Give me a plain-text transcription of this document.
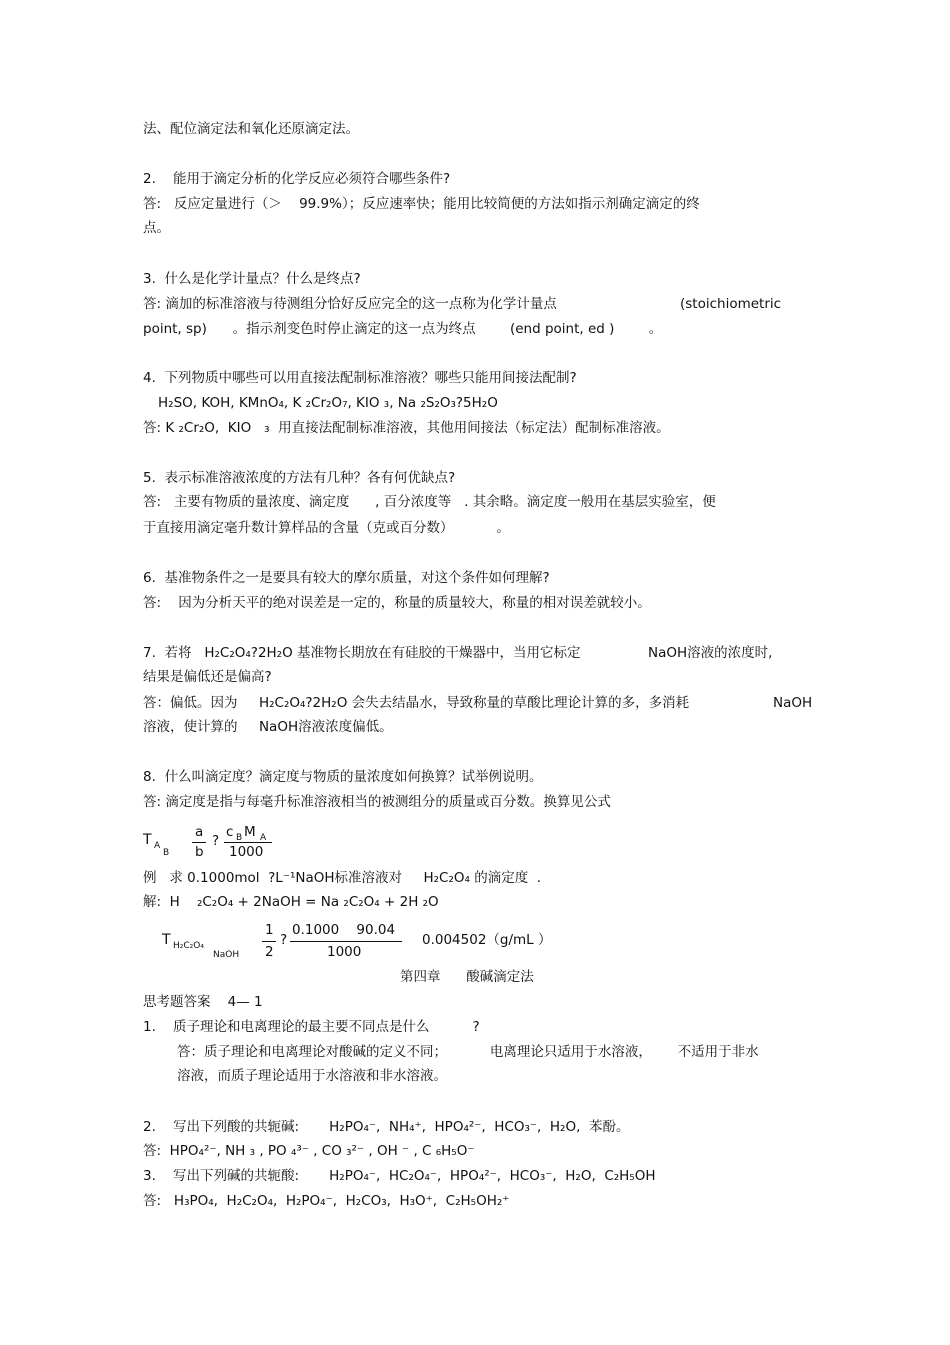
法、配位滴定法和氧化还原滴定法。
2.    能用于滴定分析的化学反应必须符合哪些条件?
答:   反应定量进行（＞    99.9%）；反应速率快；能用比较简便的方法如指示剂确定滴定的终
点。
3.  什么是化学计量点？什么是终点?
答: 滴加的标准溶液与待测组分恰好反应完全的这一点称为化学计量点	(stoichiometric
point, sp)      。指示剂变色时停止滴定的这一点为终点        (end point, ed )        。
4.  下列物质中哪些可以用直接法配制标准溶液？哪些只能用间接法配制?
H₂SO, KOH, KMnO₄, K ₂Cr₂O₇, KIO ₃, Na ₂S₂O₃?5H₂O
答: K ₂Cr₂O,  KIO   ₃  用直接法配制标准溶液，其他用间接法（标定法）配制标准溶液。
5.  表示标准溶液浓度的方法有几种？各有何优缺点?
答:   主要有物质的量浓度、滴定度      , 百分浓度等   . 其余略。滴定度一般用在基层实验室，便
于直接用滴定毫升数计算样品的含量（克或百分数）          。
6.  基准物条件之一是要具有较大的摩尔质量，对这个条件如何理解?
答:    因为分析天平的绝对误差是一定的，称量的质量较大，称量的相对误差就较小。
7.  若将   H₂C₂O₄?2H₂O 基准物长期放在有硅胶的干燥器中，当用它标定	NaOH溶液的浓度时,
结果是偏低还是偏高?
答：偏低。因为     H₂C₂O₄?2H₂O 会失去结晶水，导致称量的草酸比理论计算的多，多消耗	NaOH
溶液，使计算的     NaOH溶液浓度偏低。
8.  什么叫滴定度？滴定度与物质的量浓度如何换算？试举例说明。
答: 滴定度是指与每毫升标准溶液相当的被测组分的质量或百分数。换算见公式
T A
B
a
b
?
c B M A
1000
例   求 0.1000mol  ?L⁻¹NaOH标准溶液对     H₂C₂O₄ 的滴定度  .
解:  H    ₂C₂O₄ + 2NaOH = Na ₂C₂O₄ + 2H ₂O
T H₂C₂O₄
NaOH
1
2
?
0.1000    90.04
1000
0.004502（g/mL ）
第四章      酸碱滴定法
思考题答案    4— 1
1.    质子理论和电离理论的最主要不同点是什么          ?
答：质子理论和电离理论对酸碱的定义不同；          电离理论只适用于水溶液，      不适用于非水
溶液，而质子理论适用于水溶液和非水溶液。
2.    写出下列酸的共轭碱:       H₂PO₄⁻,  NH₄⁺,  HPO₄²⁻,  HCO₃⁻,  H₂O,  苯酚。
答:  HPO₄²⁻, NH ₃ , PO ₄³⁻ , CO ₃²⁻ , OH ⁻ , C ₆H₅O⁻
3.    写出下列碱的共轭酸:       H₂PO₄⁻,  HC₂O₄⁻,  HPO₄²⁻,  HCO₃⁻,  H₂O,  C₂H₅OH
答:   H₃PO₄,  H₂C₂O₄,  H₂PO₄⁻,  H₂CO₃,  H₃O⁺,  C₂H₅OH₂⁺
